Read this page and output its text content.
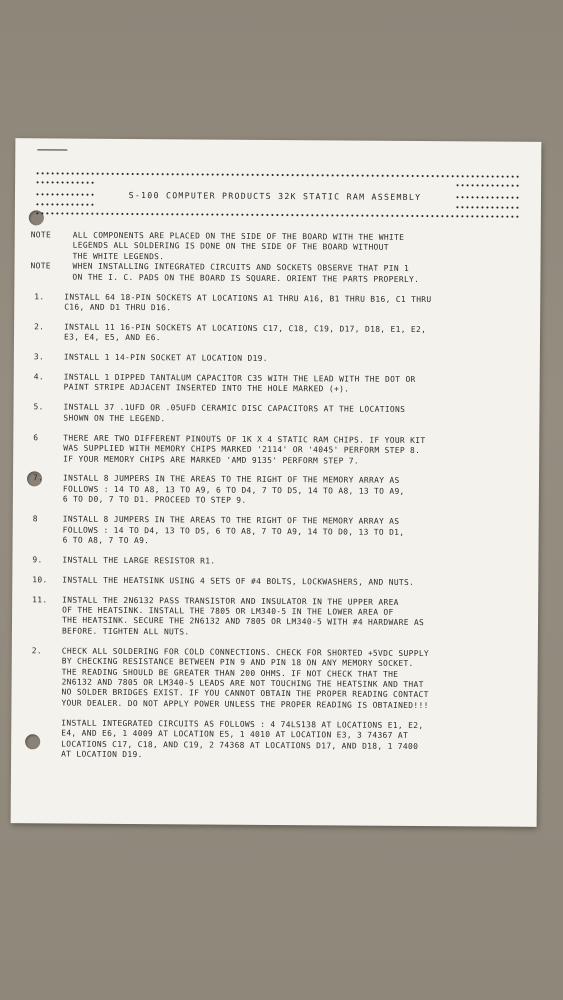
S-100 COMPUTER PRODUCTS 32K STATIC RAM ASSEMBLY
NOTE	ALL COMPONENTS ARE PLACED ON THE SIDE OF THE BOARD WITH THE WHITE
LEGENDS ALL SOLDERING IS DONE ON THE SIDE OF THE BOARD WITHOUT
THE WHITE LEGENDS.
NOTE	WHEN INSTALLING INTEGRATED CIRCUITS AND SOCKETS OBSERVE THAT PIN 1
ON THE I. C. PADS ON THE BOARD IS SQUARE. ORIENT THE PARTS PROPERLY.
1.	INSTALL 64 18-PIN SOCKETS AT LOCATIONS A1 THRU A16, B1 THRU B16, C1 THRU
C16, AND D1 THRU D16.
2.	INSTALL 11 16-PIN SOCKETS AT LOCATIONS C17, C18, C19, D17, D18, E1, E2,
E3, E4, E5, AND E6.
3.	INSTALL 1 14-PIN SOCKET AT LOCATION D19.
4.	INSTALL 1 DIPPED TANTALUM CAPACITOR C35 WITH THE LEAD WITH THE DOT OR
PAINT STRIPE ADJACENT INSERTED INTO THE HOLE MARKED (+).
5.	INSTALL 37 .1UFD OR .05UFD CERAMIC DISC CAPACITORS AT THE LOCATIONS
SHOWN ON THE LEGEND.
6	THERE ARE TWO DIFFERENT PINOUTS OF 1K X 4 STATIC RAM CHIPS. IF YOUR KIT
WAS SUPPLIED WITH MEMORY CHIPS MARKED '2114' OR '4045' PERFORM STEP 8.
IF YOUR MEMORY CHIPS ARE MARKED 'AMD 9135' PERFORM STEP 7.
7.	INSTALL 8 JUMPERS IN THE AREAS TO THE RIGHT OF THE MEMORY ARRAY AS
FOLLOWS : 14 TO A8, 13 TO A9, 6 TO D4, 7 TO D5, 14 TO A8, 13 TO A9,
6 TO D0, 7 TO D1. PROCEED TO STEP 9.
8	INSTALL 8 JUMPERS IN THE AREAS TO THE RIGHT OF THE MEMORY ARRAY AS
FOLLOWS : 14 TO D4, 13 TO D5, 6 TO A8, 7 TO A9, 14 TO D0, 13 TO D1,
6 TO A8, 7 TO A9.
9.	INSTALL THE LARGE RESISTOR R1.
10.	INSTALL THE HEATSINK USING 4 SETS OF #4 BOLTS, LOCKWASHERS, AND NUTS.
11.	INSTALL THE 2N6132 PASS TRANSISTOR AND INSULATOR IN THE UPPER AREA
OF THE HEATSINK. INSTALL THE 7805 OR LM340-5 IN THE LOWER AREA OF
THE HEATSINK. SECURE THE 2N6132 AND 7805 OR LM340-5 WITH #4 HARDWARE AS
BEFORE. TIGHTEN ALL NUTS.
2.	CHECK ALL SOLDERING FOR COLD CONNECTIONS. CHECK FOR SHORTED +5VDC SUPPLY
BY CHECKING RESISTANCE BETWEEN PIN 9 AND PIN 18 ON ANY MEMORY SOCKET.
THE READING SHOULD BE GREATER THAN 200 OHMS. IF NOT CHECK THAT THE
2N6132 AND 7805 OR LM340-5 LEADS ARE NOT TOUCHING THE HEATSINK AND THAT
NO SOLDER BRIDGES EXIST. IF YOU CANNOT OBTAIN THE PROPER READING CONTACT
YOUR DEALER. DO NOT APPLY POWER UNLESS THE PROPER READING IS OBTAINED!!!
INSTALL INTEGRATED CIRCUITS AS FOLLOWS : 4 74LS138 AT LOCATIONS E1, E2,
E4, AND E6, 1 4009 AT LOCATION E5, 1 4010 AT LOCATION E3, 3 74367 AT
LOCATIONS C17, C18, AND C19, 2 74368 AT LOCATIONS D17, AND D18, 1 7400
AT LOCATION D19.
